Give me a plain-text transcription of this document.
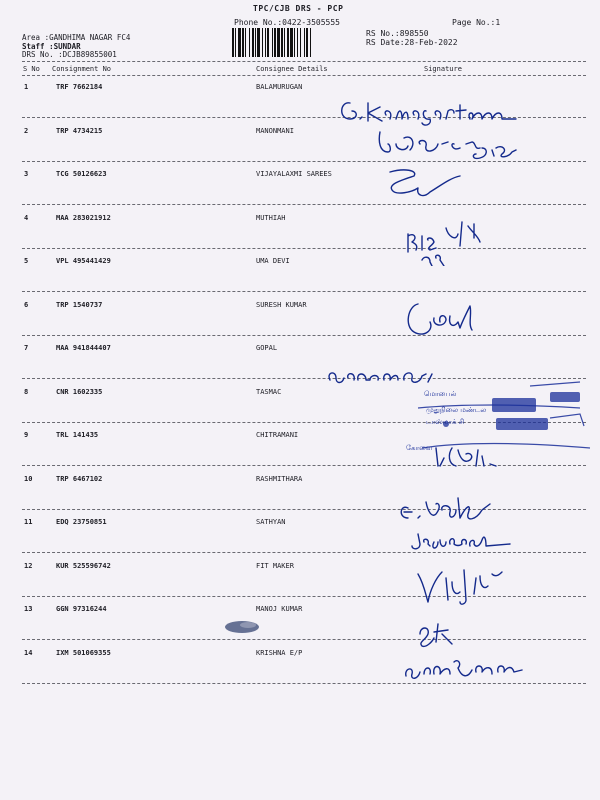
TPC/CJB DRS - PCP
Phone No.:0422-3505555	Page No.:1
RS No.:898550
RS Date:28-Feb-2022
Area :GANDHIMA NAGAR FC4
Staff :SUNDAR
DRS No. :DCJB89855001
S No Consignment No	Consignee Details	Signature
1	TRF 7662184	BALAMURUGAN
2	TRP 4734215	MANONMANI
3	TCG 50126623	VIJAYALAXMI SAREES
4	MAA 283021912	MUTHIAH
5	VPL 495441429	UMA DEVI
6	TRP 1540737	SURESH KUMAR
7	MAA 941844407	GOPAL
8	CNR 1602335	TASMAC
9	TRL 141435	CHITRAMANI
10	TRP 6467102	RASHMITHARA
11	EDQ 23750851	SATHYAN
12	KUR 525596742	FIT MAKER
13	GGN 97316244	MANOJ KUMAR
14	IXM 501069355	KRISHNA E/P
மொபைல்
முதுநிலை மண்டல
டாஸ்மாக் சி
கோவை
